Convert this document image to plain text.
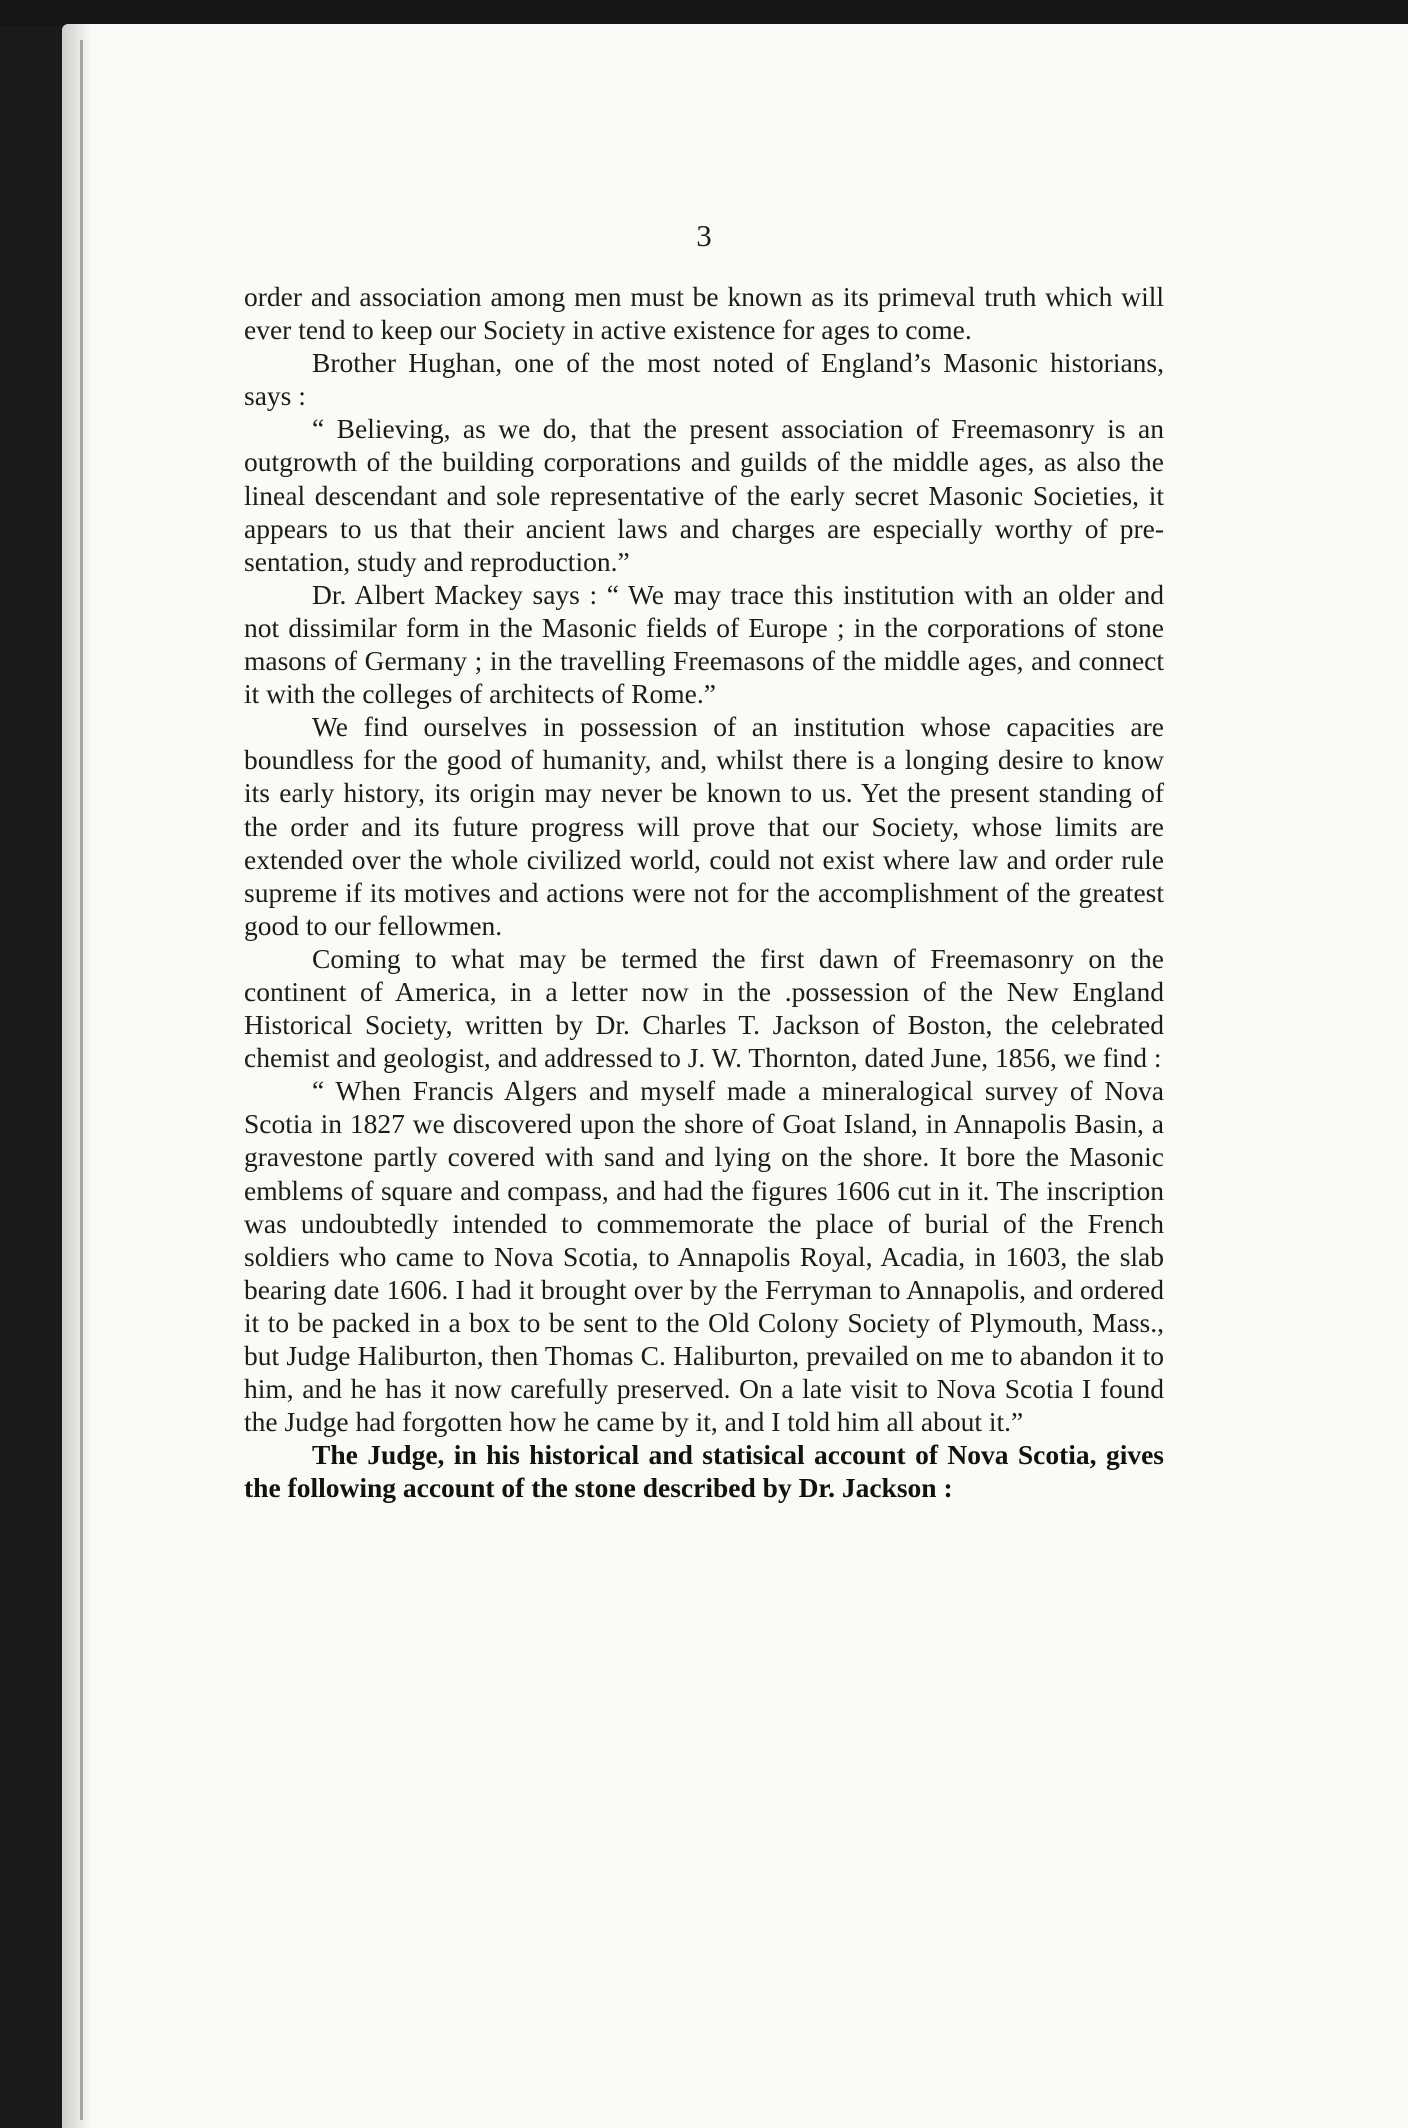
3

order and association among men must be known as its primeval truth which will ever tend to keep our Society in active existence for ages to come.

Brother Hughan, one of the most noted of England’s Masonic historians, says :

“ Believing, as we do, that the present association of Freemasonry is an outgrowth of the building corporations and guilds of the middle ages, as also the lineal descendant and sole representative of the early secret Masonic Societies, it appears to us that their ancient laws and charges are especially worthy of presentation, study and reproduction.”

Dr. Albert Mackey says : “ We may trace this institution with an older and not dissimilar form in the Masonic fields of Europe ; in the corporations of stone masons of Germany ; in the travelling Freemasons of the middle ages, and connect it with the colleges of architects of Rome.”

We find ourselves in possession of an institution whose capacities are boundless for the good of humanity, and, whilst there is a longing desire to know its early history, its origin may never be known to us. Yet the present standing of the order and its future progress will prove that our Society, whose limits are extended over the whole civilized world, could not exist where law and order rule supreme if its motives and actions were not for the accomplishment of the greatest good to our fellowmen.

Coming to what may be termed the first dawn of Freemasonry on the continent of America, in a letter now in the .possession of the New England Historical Society, written by Dr. Charles T. Jackson of Boston, the celebrated chemist and geologist, and addressed to J. W. Thornton, dated June, 1856, we find :

“ When Francis Algers and myself made a mineralogical survey of Nova Scotia in 1827 we discovered upon the shore of Goat Island, in Annapolis Basin, a gravestone partly covered with sand and lying on the shore. It bore the Masonic emblems of square and compass, and had the figures 1606 cut in it. The inscription was undoubtedly intended to commemorate the place of burial of the French soldiers who came to Nova Scotia, to Annapolis Royal, Acadia, in 1603, the slab bearing date 1606. I had it brought over by the Ferryman to Annapolis, and ordered it to be packed in a box to be sent to the Old Colony Society of Plymouth, Mass., but Judge Haliburton, then Thomas C. Haliburton, prevailed on me to abandon it to him, and he has it now carefully preserved. On a late visit to Nova Scotia I found the Judge had forgotten how he came by it, and I told him all about it.”

The Judge, in his historical and statisical account of Nova Scotia, gives the following account of the stone described by Dr. Jackson :
